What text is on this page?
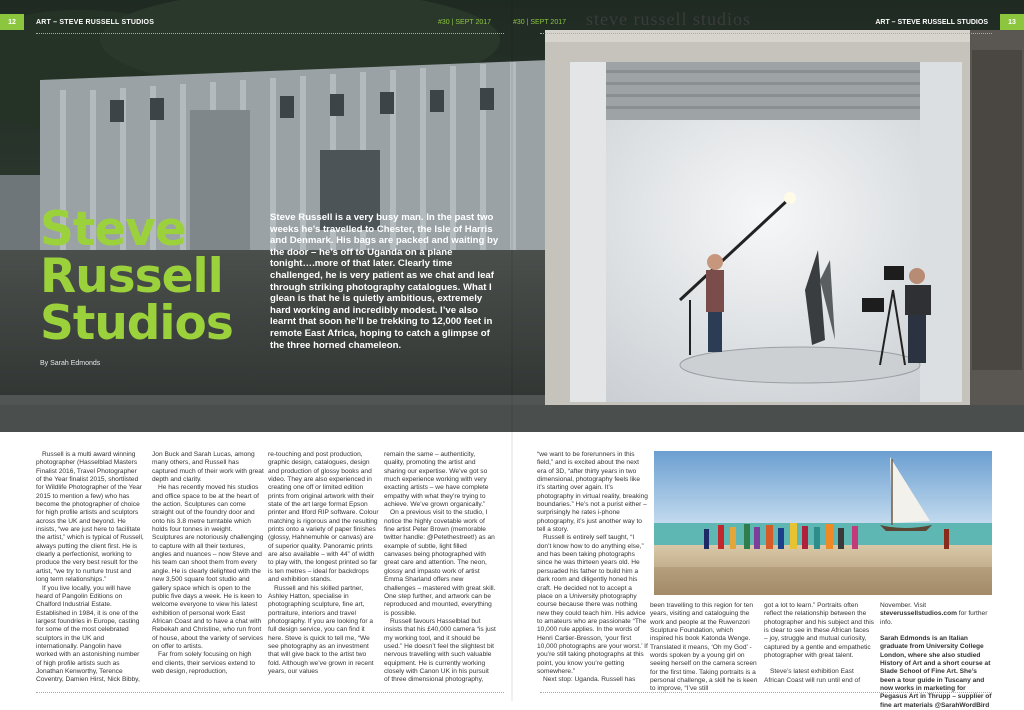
steve russell studios
12	ART – STEVE RUSSELL STUDIOS	#30 | SEPT 2017	#30 | SEPT 2017	ART – STEVE RUSSELL STUDIOS	13
Steve
Russell
Studios
By Sarah Edmonds
Steve Russell is a very busy man. In the past two weeks he’s travelled to Chester, the Isle of Harris and Denmark. His bags are packed and waiting by the door – he’s off to Uganda on a plane tonight….more of that later. Clearly time challenged, he is very patient as we chat and leaf through striking photography catalogues. What I glean is that he is quietly ambitious, extremely hard working and incredibly modest. I’ve also learnt that soon he’ll be trekking to 12,000 feet in remote East Africa, hoping to catch a glimpse of the three horned chameleon.

Russell is a multi award winning photographer (Hasselblad Masters Finalist 2016, Travel Photographer of the Year finalist 2015, shortlisted for Wildlife Photographer of the Year 2015 to mention a few) who has become the photographer of choice for high profile artists and sculptors across the UK and beyond. He insists, “we are just here to facilitate the artist,” which is typical of Russell, always putting the client first. He is clearly a perfectionist, working to produce the very best result for the artist, “we try to nurture trust and long term relationships.”

If you live locally, you will have heard of Pangolin Editions on Chalford Industrial Estate. Established in 1984, it is one of the largest foundries in Europe, casting for some of the most celebrated sculptors in the UK and internationally. Pangolin have worked with an astonishing number of high profile artists such as Jonathan Kenworthy, Terence Coventry, Damien Hirst, Nick Bibby,

Jon Buck and Sarah Lucas, among many others, and Russell has captured much of their work with great depth and clarity.

He has recently moved his studios and office space to be at the heart of the action. Sculptures can come straight out of the foundry door and onto his 3.8 metre turntable which holds four tonnes in weight. Sculptures are notoriously challenging to capture with all their textures, angles and nuances – now Steve and his team can shoot them from every angle. He is clearly delighted with the new 3,500 square foot studio and gallery space which is open to the public five days a week. He is keen to welcome everyone to view his latest exhibition of personal work East African Coast and to have a chat with Rebekah and Christine, who run front of house, about the variety of services on offer to artists.

Far from solely focusing on high end clients, their services extend to web design, reproduction,

re-touching and post production, graphic design, catalogues, design and production of glossy books and video. They are also experienced in creating one off or limited edition prints from original artwork with their state of the art large format Epson printer and Ilford RIP software. Colour matching is rigorous and the resulting prints onto a variety of paper finishes (glossy, Hahnemuhle or canvas) are of superior quality. Panoramic prints are also available – with 44” of width to play with, the longest printed so far is ten metres – ideal for backdrops and exhibition stands.

Russell and his skilled partner, Ashley Hatton, specialise in photographing sculpture, fine art, portraiture, interiors and travel photography. If you are looking for a full design service, you can find it here. Steve is quick to tell me, “We see photography as an investment that will give back to the artist two fold. Although we’ve grown in recent years, our values

remain the same – authenticity, quality, promoting the artist and sharing our expertise. We’ve got so much experience working with very exacting artists – we have complete empathy with what they’re trying to achieve. We’ve grown organically.”

On a previous visit to the studio, I notice the highly covetable work of fine artist Peter Brown (memorable twitter handle: @Petethestreet!) as an example of subtle, light filled canvases being photographed with great care and attention. The neon, glossy and impasto work of artist Emma Sharland offers new challenges – mastered with great skill. One step further, and artwork can be reproduced and mounted, everything is possible.

Russell favours Hasselblad but insists that his £40,000 camera “is just my working tool, and it should be used.” He doesn’t feel the slightest bit nervous travelling with such valuable equipment. He is currently working closely with Canon UK in his pursuit of three dimensional photography,

“we want to be forerunners in this field,” and is excited about the next era of 3D, “after thirty years in two dimensional, photography feels like it’s starting over again. It’s photography in virtual reality, breaking boundaries.” He’s not a purist either – surprisingly he rates i-phone photography, it’s just another way to tell a story.

Russell is entirely self taught, “I don’t know how to do anything else,” and has been taking photographs since he was thirteen years old. He persuaded his father to build him a dark room and diligently honed his craft. He decided not to accept a place on a University photography course because there was nothing new they could teach him. His advice to amateurs who are passionate “The 10,000 rule applies. In the words of Henri Cartier-Bresson, ‘your first 10,000 photographs are your worst.’ If you’re still taking photographs at this point, you know you’re getting somewhere.”

Next stop: Uganda. Russell has

been travelling to this region for ten years, visiting and cataloguing the work and people at the Ruwenzori Sculpture Foundation, which inspired his book Katonda Wenge. Translated it means, ‘Oh my God’ - words spoken by a young girl on seeing herself on the camera screen for the first time. Taking portraits is a personal challenge, a skill he is keen to improve, “I’ve still

got a lot to learn.” Portraits often reflect the relationship between the photographer and his subject and this is clear to see in these African faces – joy, struggle and mutual curiosity, captured by a gentle and empathetic photographer with great talent.

Steve’s latest exhibition East African Coast will run until end of

November. Visit steverussellstudios.com for further info.

Sarah Edmonds is an Italian graduate from University College London, where she also studied History of Art and a short course at Slade School of Fine Art. She’s been a tour guide in Tuscany and now works in marketing for Pegasus Art in Thrupp – supplier of fine art materials @SarahWordBird
